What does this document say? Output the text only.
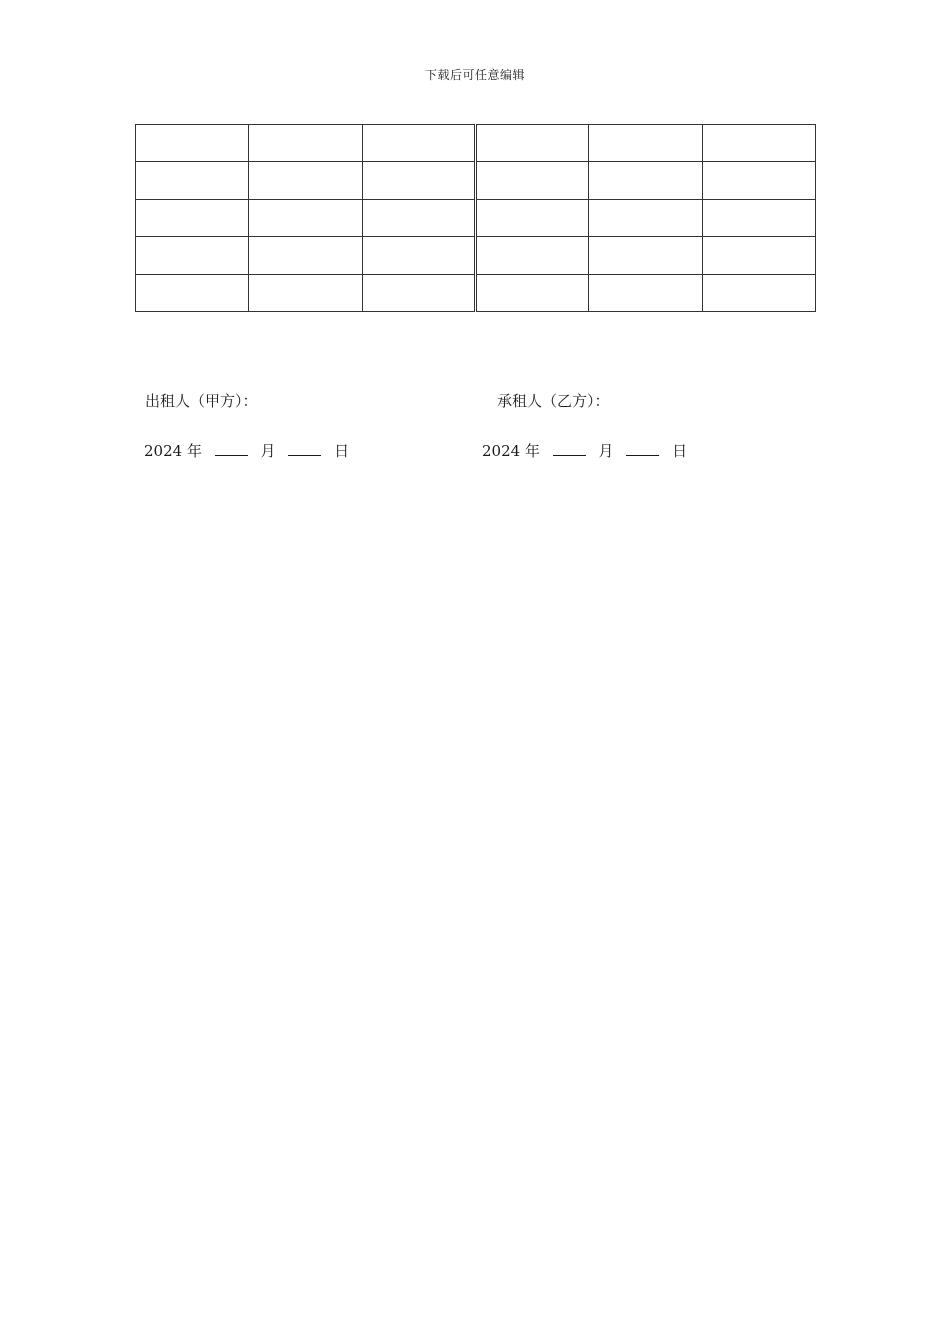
下载后可任意编辑

出租人（甲方）：	承租人（乙方）：
2024 年	月	日	2024 年	月	日
